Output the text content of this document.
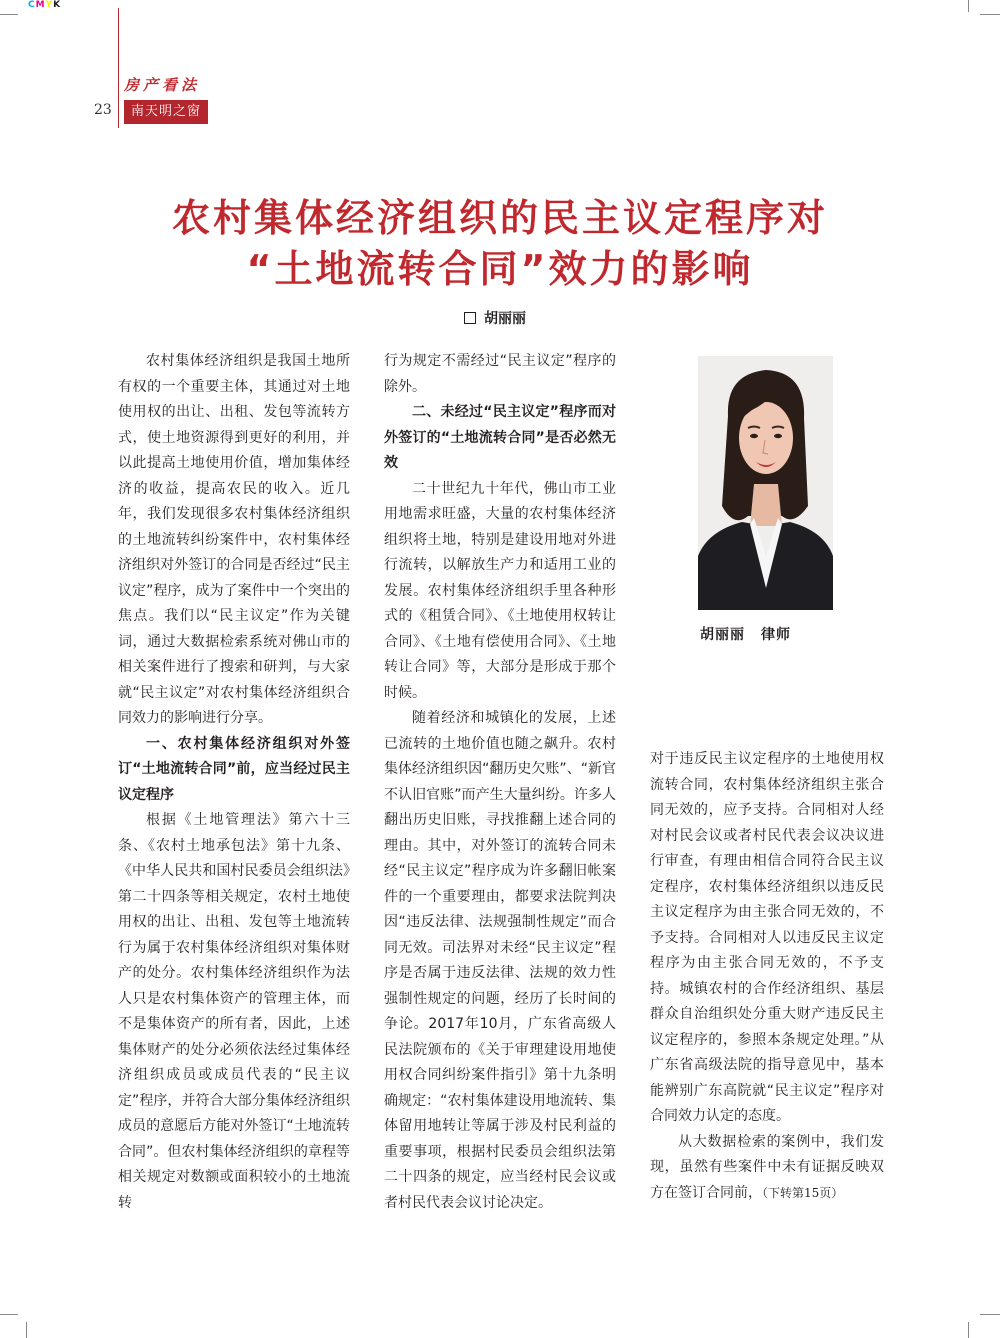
CMYK
房产看法
23	南天明之窗
农村集体经济组织的民主议定程序对
“土地流转合同”效力的影响
胡丽丽

农村集体经济组织是我国土地所有权的一个重要主体，其通过对土地使用权的出让、出租、发包等流转方式，使土地资源得到更好的利用，并以此提高土地使用价值，增加集体经济的收益，提高农民的收入。近几年，我们发现很多农村集体经济组织的土地流转纠纷案件中，农村集体经济组织对外签订的合同是否经过“民主议定”程序，成为了案件中一个突出的焦点。我们以“民主议定”作为关键词，通过大数据检索系统对佛山市的相关案件进行了搜索和研判，与大家就“民主议定”对农村集体经济组织合同效力的影响进行分享。

一、农村集体经济组织对外签订“土地流转合同”前，应当经过民主议定程序

根据《土地管理法》第六十三条、《农村土地承包法》第十九条、《中华人民共和国村民委员会组织法》第二十四条等相关规定，农村土地使用权的出让、出租、发包等土地流转行为属于农村集体经济组织对集体财产的处分。农村集体经济组织作为法人只是农村集体资产的管理主体，而不是集体资产的所有者，因此，上述集体财产的处分必须依法经过集体经济组织成员或成员代表的“民主议定”程序，并符合大部分集体经济组织成员的意愿后方能对外签订“土地流转合同”。但农村集体经济组织的章程等相关规定对数额或面积较小的土地流转

行为规定不需经过“民主议定”程序的除外。

二、未经过“民主议定”程序而对外签订的“土地流转合同”是否必然无效

二十世纪九十年代，佛山市工业用地需求旺盛，大量的农村集体经济组织将土地，特别是建设用地对外进行流转，以解放生产力和适用工业的发展。农村集体经济组织手里各种形式的《租赁合同》、《土地使用权转让合同》、《土地有偿使用合同》、《土地转让合同》等，大部分是形成于那个时候。

随着经济和城镇化的发展，上述已流转的土地价值也随之飙升。农村集体经济组织因“翻历史欠账”、“新官不认旧官账”而产生大量纠纷。许多人翻出历史旧账，寻找推翻上述合同的理由。其中，对外签订的流转合同未经“民主议定”程序成为许多翻旧帐案件的一个重要理由，都要求法院判决因“违反法律、法规强制性规定”而合同无效。司法界对未经“民主议定”程序是否属于违反法律、法规的效力性强制性规定的问题，经历了长时间的争论。2017年10月，广东省高级人民法院颁布的《关于审理建设用地使用权合同纠纷案件指引》第十九条明确规定：“农村集体建设用地流转、集体留用地转让等属于涉及村民利益的重要事项，根据村民委员会组织法第二十四条的规定，应当经村民会议或者村民代表会议讨论决定。

胡丽丽 律师

对于违反民主议定程序的土地使用权流转合同，农村集体经济组织主张合同无效的，应予支持。合同相对人经对村民会议或者村民代表会议决议进行审查，有理由相信合同符合民主议定程序，农村集体经济组织以违反民主议定程序为由主张合同无效的，不予支持。合同相对人以违反民主议定程序为由主张合同无效的，不予支持。城镇农村的合作经济组织、基层群众自治组织处分重大财产违反民主议定程序的，参照本条规定处理。”从广东省高级法院的指导意见中，基本能辨别广东高院就“民主议定”程序对合同效力认定的态度。

从大数据检索的案例中，我们发现，虽然有些案件中未有证据反映双方在签订合同前，（下转第15页）
